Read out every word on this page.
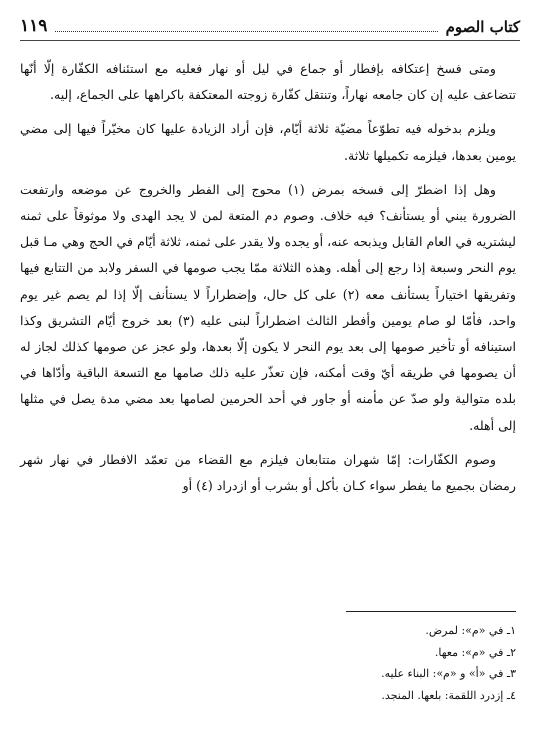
كتاب الصوم
١١٩

ومتى فسخ إعتكافه بإفطار أو جماع في ليل أو نهار فعليه مع استئنافه الكفّارة إلّا أنّها تتضاعف عليه إن كان جامعه نهاراً، وتنتقل كفّارة زوجته المعتكفة باكراهها على الجماع، إليه.

ويلزم بدخوله فيه تطوّعاً مضيّة ثلاثة أيّام، فإن أراد الزيادة عليها كان مخيّراً فيها إلى مضي يومين بعدها، فيلزمه تكميلها ثلاثة.

وهل إذا اضطرّ إلى فسخه بمرض (١) محوج إلى الفطر والخروج عن موضعه وارتفعت الضرورة يبني أو يستأنف؟ فيه خلاف. وصوم دم المتعة لمن لا يجد الهدى ولا موثوقاً على ثمنه ليشتريه في العام القابل ويذبحه عنه، أو يجده ولا يقدر على ثمنه، ثلاثة أيّام في الحج وهي مـا قبل يوم النحر وسبعة إذا رجع إلى أهله. وهذه الثلاثة ممّا يجب صومها في السفر ولابد من التتابع فيها وتفريقها اختياراً يستأنف معه (٢) على كل حال، وإضطراراً لا يستأنف إلّا إذا لم يصم غير يوم واحد، فأمّا لو صام يومين وأفطر الثالث اضطراراً لبنى عليه (٣) بعد خروج أيّام التشريق وكذا استينافه أو تأخير صومها إلى بعد يوم النحر لا يكون إلّا بعدها، ولو عجز عن صومها كذلك لجاز له أن يصومها في طريقه أيّ وقت أمكنه، فإن تعذّر عليه ذلك صامها مع التسعة الباقية وأدّاها في بلده متوالية ولو صدّ عن مأمنه أو جاور في أحد الحرمين لصامها بعد مضي مدة يصل في مثلها إلى أهله.

وصوم الكفّارات: إمّا شهران متتابعان فيلزم مع القضاء من تعمّد الافطار في نهار شهر رمضان بجميع ما يفطر سواء كـان بأكل أو بشرب أو ازدراد (٤) أو

١ـ في «م»: لمرض.
٢ـ في «م»: معها.
٣ـ في «أ» و «م»: البناء عليه.
٤ـ إزدرد اللقمة: بلعها. المنجد.
